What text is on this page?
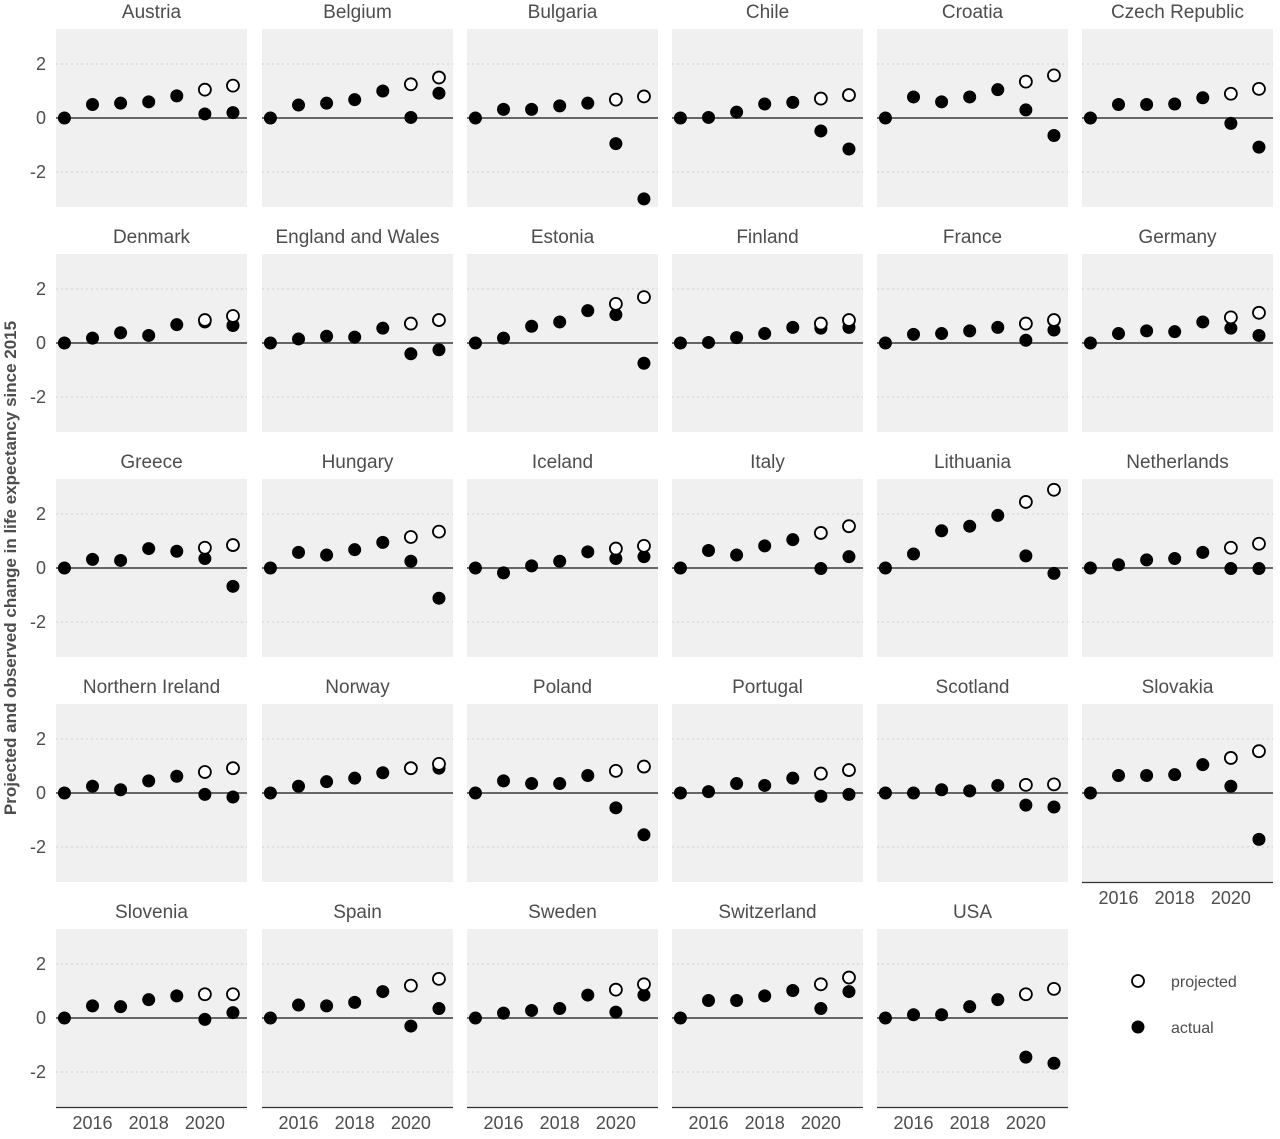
Projected and observed change in life expectancy since 2015
Austria
-2
0
2
Belgium	Bulgaria	Chile	Croatia	Czech Republic
Denmark
-2
0
2
England and Wales	Estonia	Finland	France	Germany
Greece
-2
0
2
Hungary	Iceland	Italy	Lithuania	Netherlands
Northern Ireland
-2
0
2
Norway	Poland	Portugal	Scotland	Slovakia
2016 2018 2020
Slovenia
-2
0
2
2016 2018 2020
Spain
2016 2018 2020
Sweden
2016 2018 2020
Switzerland
2016 2018 2020
USA
2016 2018 2020
projected
actual
